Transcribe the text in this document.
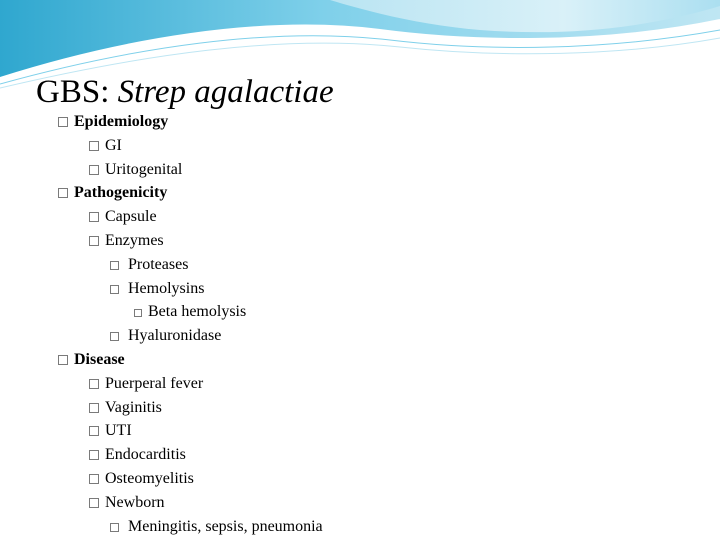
GBS: Strep agalactiae
Epidemiology
GI
Uritogenital
Pathogenicity
Capsule
Enzymes
Proteases
Hemolysins
Beta hemolysis
Hyaluronidase
Disease
Puerperal fever
Vaginitis
UTI
Endocarditis
Osteomyelitis
Newborn
Meningitis, sepsis, pneumonia
